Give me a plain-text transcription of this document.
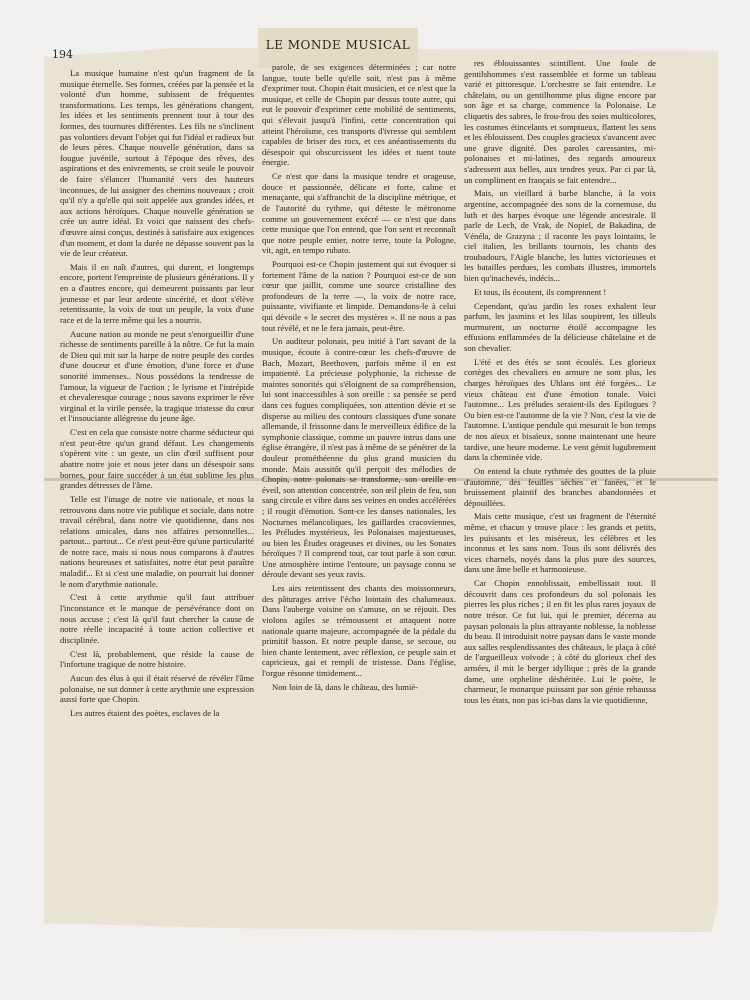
194
LE MONDE MUSICAL

La musique humaine n'est qu'un fragment de la musique éternelle. Ses formes, créées par la pensée et la volonté d'un homme, subissent de fréquentes transformations. Les temps, les générations changent, les idées et les sentiments prennent tour à tour des formes, des tournures différentes. Les fils ne s'inclinent pas volontiers devant l'objet qui fut l'idéal et radieux but de leurs pères. Chaque nouvelle génération, dans sa fougue juvénile, surtout à l'époque des rêves, des aspirations et des enivrements, se croit seule le pouvoir de faire s'élancer l'humanité vers des hauteurs inconnues, de lui assigner des chemins nouveaux ; croit qu'il n'y a qu'elle qui soit appelée aux grandes idées, et aux actions héroïques. Chaque nouvelle génération se crée un autre idéal. Et voici que naissent des chefs-d'œuvre ainsi conçus, destinés à satisfaire aux exigences d'un moment, et dont la durée ne dépasse souvent pas la vie de leur créateur.

Mais il en naît d'autres, qui durent, et longtemps encore, portent l'empreinte de plusieurs générations. Il y en a d'autres encore, qui demeurent puissants par leur jeunesse et par leur ardente sincérité, et dont s'élève retentissante, la voix de tout un peuple, la voix d'une race et de la terre même qui les a nourris.

Aucune nation au monde ne peut s'enorgueillir d'une richesse de sentiments pareille à la nôtre. Ce fut la main de Dieu qui mit sur la harpe de notre peuple des cordes d'une douceur et d'une émotion, d'une force et d'une sonorité immenses.. Nous possédons la tendresse de l'amour, la vigueur de l'action ; le lyrisme et l'intrépide et chevaleresque courage ; nous savons exprimer le rêve virginal et la virile pensée, la tragique tristesse du cœur et l'insouciante allégresse du jeune âge.

C'est en cela que consiste notre charme séducteur qui n'est peut-être qu'un grand défaut. Les changements s'opèrent vite : un geste, un clin d'œil suffisent pour abattre notre joie et nous jeter dans un désespoir sans bornes, pour faire succéder à un état sublime les plus grandes détresses de l'âme.

Telle est l'image de notre vie nationale, et nous la retrouvons dans notre vie publique et sociale, dans notre travail cérébral, dans notre vie quotidienne, dans nos relations amicales, dans nos affaires personnelles... partout... partout... Ce n'est peut-être qu'une particularité de notre race, mais si nous nous comparons à d'autres nations heureuses et satisfaites, notre état peut paraître maladif... Et si c'est une maladie, on pourrait lui donner le nom d'arythmie nationale.

C'est à cette arythmie qu'il faut attribuer l'inconstance et le manque de persévérance dont on nous accuse ; c'est là qu'il faut chercher la cause de notre réelle incapacité à toute action collective et disciplinée.

C'est là, probablement, que réside la cause de l'infortune tragique de notre histoire.

Aucun des élus à qui il était réservé de révéler l'âme polonaise, ne sut donner à cette arythmie une expression aussi forte que Chopin.

Les autres étaient des poètes, esclaves de la

parole, de ses exigences déterminées ; car notre langue, toute belle qu'elle soit, n'est pas à même d'exprimer tout. Chopin était musicien, et ce n'est que la musique, et celle de Chopin par dessus toute autre, qui eut le pouvoir d'exprimer cette mobilité de sentiments, qui s'élevait jusqu'à l'infini, cette concentration qui atteint l'héroïsme, ces transports d'ivresse qui semblent capables de briser des rocs, et ces anéantissements du désespoir qui obscurcissent les idées et tuent toute énergie.

Ce n'est que dans la musique tendre et orageuse, douce et passionnée, délicate et forte, calme et menaçante, qui s'affranchit de la discipline métrique, et de l'autorité du rythme, qui déteste le métronome comme un gouvernement exécré — ce n'est que dans cette musique que l'on entend, que l'on sent et reconnaît que notre peuple entier, notre terre, toute la Pologne, vit, agit, en tempo rubato.

Pourquoi est-ce Chopin justement qui sut évoquer si fortement l'âme de la nation ? Pourquoi est-ce de son cœur que jaillit, comme une source cristalline des profondeurs de la terre —, la voix de notre race, puissante, vivifiante et limpide. Demandons-le à celui qui dévoile « le secret des mystères ». Il ne nous a pas tout révélé, et ne le fera jamais, peut-être.

Un auditeur polonais, peu initié à l'art savant de la musique, écoute à contre-cœur les chefs-d'œuvre de Bach, Mozart, Beethoven, parfois même il en est impatienté. La précieuse polyphonie, la richesse de maintes sonorités qui s'éloignent de sa compréhension, lui sont inaccessibles à son oreille : sa pensée se perd dans ces fugues compliquées, son attention dévie et se disperse au milieu des contours classiques d'une sonate allemande, il frissonne dans le merveilleux édifice de la symphonie classique, comme un pauvre intrus dans une église étrangère, il n'est pas à même de se pénétrer de la douleur prométhéenne du plus grand musicien du monde. Mais aussitôt qu'il perçoit des mélodies de Chopin, notre polonais se transforme, son oreille en éveil, son attention concentrée, son œil plein de feu, son sang circule et vibre dans ses veines en ondes accélérées ; il rougit d'émotion. Sont-ce les danses nationales, les Nocturnes mélancoliques, les gaillardes cracoviennes, les Préludes mystérieux, les Polonaises majestueuses, ou bien les Études orageuses et divines, ou les Sonates héroïques ? Il comprend tout, car tout parle à son cœur. Une atmosphère intime l'entoure, un paysage connu se déroule devant ses yeux ravis.

Les airs retentissent des chants des moissonneurs, des pâturages arrive l'écho lointain des chalumeaux. Dans l'auberge voisine on s'amuse, on se réjouit. Des violons agiles se trémoussent et attaquent notre nationale quarte majeure, accompagnée de la pédale du primitif basson. Et notre peuple danse, se secoue, ou bien chante lentement, avec réflexion, ce peuple sain et capricieux, gai et rempli de tristesse. Dans l'église, l'orgue résonne timidement...

Non loin de là, dans le château, des lumiè-

res éblouissantes scintillent. Une foule de gentilshommes s'est rassemblée et forme un tableau varié et pittoresque. L'orchestre se fait entendre. Le châtelain, ou un gentilhomme plus digne encore par son âge et sa charge, commence la Polonaise. Le cliquetis des sabres, le frou-frou des soies multicolores, les costumes étincelants et somptueux, flattent les sens et les éblouissent. Des couples gracieux s'avancent avec une grave dignité. Des paroles caressantes, mi-polonaises et mi-latines, des regards amoureux s'adressent aux belles, aux tendres yeux. Par ci par là, un compliment en français se fait entendre...

Mais, un vieillard à barbe blanche, à la voix argentine, accompagnée des sons de la cornemuse, du luth et des harpes évoque une légende ancestrale. Il parle de Lech, de Vrak, de Nopiel, de Bakadina, de Vénéla, de Grazyna ; il raconte les pays lointains, le ciel italien, les brillants tournois, les chants des troubadours, l'Aigle blanche, les luttes victorieuses et les batailles perdues, les combats illustres, immortels bien qu'inachevés, indécis...

Et tous, ils écoutent, ils comprennent !

Cependant, qu'au jardin les roses exhalent leur parfum, les jasmins et les lilas soupirent, les tilleuls murmurent, un nocturne étoilé accompagne les effusions enflammées de la délicieuse châtelaine et de son chevalier.

L'été et des étés se sont écoulés. Les glorieux cortèges des chevaliers en armure ne sont plus, les charges héroïques des Uhlans ont été forgées... Le vieux château est d'une émotion tonale. Voici l'automne... Les préludes seraient-ils des Epilogues ? Ou bien est-ce l'automne de la vie ? Non, c'est la vie de l'automne. L'antique pendule qui mesurait le bon temps de nos aïeux et bisaïeux, sonne maintenant une heure tardive, une heure moderne. Le vent gémit lugubrement dans la cheminée vide.

On entend la chute rythmée des gouttes de la pluie d'automne, des feuilles sèches et fanées, et le bruissement plaintif des branches abandonnées et dépouillées.

Mais cette musique, c'est un fragment de l'éternité même, et chacun y trouve place : les grands et petits, les puissants et les miséreux, les célèbres et les inconnus et les sans nom. Tous ils sont délivrés des vices charnels, noyés dans la plus pure des sources, dans une âme belle et harmonieuse.

Car Chopin ennoblissait, embellissait tout. Il découvrit dans ces profondeurs du sol polonais les pierres les plus riches ; il en fit les plus rares joyaux de notre trésor. Ce fut lui, qui le premier, décerna au paysan polonais la plus attrayante noblesse, la noblesse du beau. Il introduisit notre paysan dans le vaste monde aux salles resplendissantes des châteaux, le plaça à côté de l'argueilleux voïvode ; à côté du glorieux chef des armées, il mit le berger idyllique ; près de la grande dame, une orpheline déshéritée. Lui le poète, le charmeur, le monarque puissant par son génie rehaussa tous les états, non pas ici-bas dans la vie quotidienne,
